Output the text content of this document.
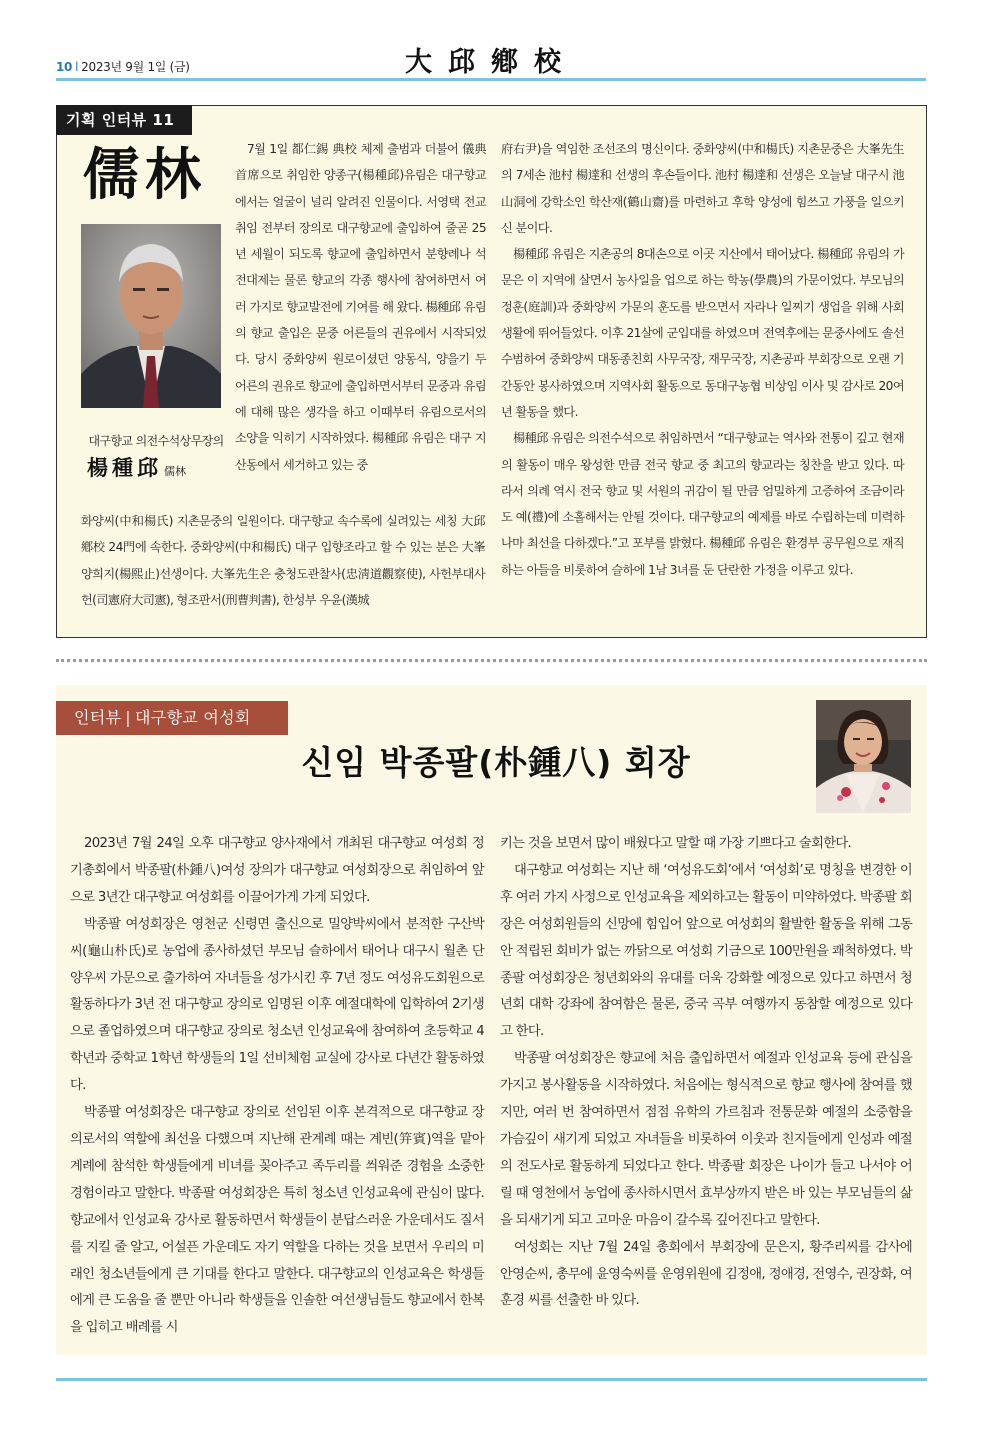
10 l 2023년 9월 1일 (금)	大邱鄕校
기획 인터뷰 11
儒林
대구향교 의전수석상무장의
楊種邱 儒林

7월 1일 都仁錫 典校 체제 출범과 더불어 儀典首席으로 취임한 양종구(楊種邱)유림은 대구향교에서는 얼굴이 널리 알려진 인물이다. 서영택 전교 취임 전부터 장의로 대구향교에 출입하여 줄곧 25년 세월이 되도록 향교에 출입하면서 분향례나 석전대제는 물론 향교의 각종 행사에 참여하면서 여러 가지로 향교발전에 기여를 해 왔다. 楊種邱 유림의 향교 출입은 문중 어른들의 권유에서 시작되었다. 당시 중화양씨 원로이셨던 양동식, 양을기 두 어른의 권유로 향교에 출입하면서부터 문중과 유림에 대해 많은 생각을 하고 이때부터 유림으로서의 소양을 익히기 시작하였다. 楊種邱 유림은 대구 지산동에서 세거하고 있는 중

화양씨(中和楊氏) 지촌문중의 일원이다. 대구향교 속수록에 실려있는 세칭 大邱鄕校 24門에 속한다. 중화양씨(中和楊氏) 대구 입향조라고 할 수 있는 분은 大峯 양희지(楊熙止)선생이다. 大峯先生은 충청도관찰사(忠淸道觀察使), 사헌부대사헌(司憲府大司憲), 형조판서(刑曹判書), 한성부 우윤(漢城

府右尹)을 역임한 조선조의 명신이다. 중화양씨(中和楊氏) 지촌문중은 大峯先生의 7세손 池村 楊達和 선생의 후손들이다. 池村 楊達和 선생은 오늘날 대구시 池山洞에 강학소인 학산재(鶴山齋)를 마련하고 후학 양성에 힘쓰고 가풍을 일으키신 분이다.

楊種邱 유림은 지촌공의 8대손으로 이곳 지산에서 태어났다. 楊種邱 유림의 가문은 이 지역에 살면서 농사일을 업으로 하는 학농(學農)의 가문이었다. 부모님의 정훈(庭訓)과 중화양씨 가문의 훈도를 받으면서 자라나 일찌기 생업을 위해 사회생활에 뛰어들었다. 이후 21살에 군입대를 하였으며 전역후에는 문중사에도 솔선수범하여 중화양씨 대동종친회 사무국장, 재무국장, 지촌공파 부회장으로 오랜 기간동안 봉사하였으며 지역사회 활동으로 동대구농협 비상임 이사 및 감사로 20여년 활동을 했다.

楊種邱 유림은 의전수석으로 취임하면서 “대구향교는 역사와 전통이 깊고 현재의 활동이 매우 왕성한 만큼 전국 향교 중 최고의 향교라는 칭찬을 받고 있다. 따라서 의례 역시 전국 향교 및 서원의 귀감이 될 만큼 엄밀하게 고증하여 조금이라도 예(禮)에 소홀해서는 안될 것이다. 대구향교의 예제를 바로 수립하는데 미력하나마 최선을 다하겠다.”고 포부를 밝혔다. 楊種邱 유림은 환경부 공무원으로 재직하는 아들을 비롯하여 슬하에 1남 3녀를 둔 단란한 가정을 이루고 있다.

인터뷰 | 대구향교 여성회
신임 박종팔(朴鍾八) 회장

2023년 7월 24일 오후 대구향교 양사재에서 개최된 대구향교 여성회 정기총회에서 박종팔(朴鍾八)여성 장의가 대구향교 여성회장으로 취임하여 앞으로 3년간 대구향교 여성회를 이끌어가게 가게 되었다.

박종팔 여성회장은 영천군 신령면 출신으로 밀양박씨에서 분적한 구산박씨(龜山朴氏)로 농업에 종사하셨던 부모님 슬하에서 태어나 대구시 월촌 단양우씨 가문으로 출가하여 자녀들을 성가시킨 후 7년 정도 여성유도회원으로 활동하다가 3년 전 대구향교 장의로 임명된 이후 예절대학에 입학하여 2기생으로 졸업하였으며 대구향교 장의로 청소년 인성교육에 참여하여 초등학교 4학년과 중학교 1학년 학생들의 1일 선비체험 교실에 강사로 다년간 활동하였다.

박종팔 여성회장은 대구향교 장의로 선임된 이후 본격적으로 대구향교 장의로서의 역할에 최선을 다했으며 지난해 관계례 때는 계빈(笄賓)역을 맡아 계례에 참석한 학생들에게 비녀를 꽂아주고 족두리를 씌워준 경험을 소중한 경험이라고 말한다. 박종팔 여성회장은 특히 청소년 인성교육에 관심이 많다. 향교에서 인성교육 강사로 활동하면서 학생들이 분답스러운 가운데서도 질서를 지킬 줄 알고, 어설픈 가운데도 자기 역할을 다하는 것을 보면서 우리의 미래인 청소년들에게 큰 기대를 한다고 말한다. 대구향교의 인성교육은 학생들에게 큰 도움을 줄 뿐만 아니라 학생들을 인솔한 여선생님들도 향교에서 한복을 입히고 배례를 시

키는 것을 보면서 많이 배웠다고 말할 때 가장 기쁘다고 술회한다.

대구향교 여성회는 지난 해 ‘여성유도회’에서 ‘여성회’로 명칭을 변경한 이후 여러 가지 사정으로 인성교육을 제외하고는 활동이 미약하였다. 박종팔 회장은 여성회원들의 신망에 힘입어 앞으로 여성회의 활발한 활동을 위해 그동안 적립된 회비가 없는 까닭으로 여성회 기금으로 100만원을 쾌척하였다. 박종팔 여성회장은 청년회와의 유대를 더욱 강화할 예정으로 있다고 하면서 청년회 대학 강좌에 참여함은 물론, 중국 곡부 여행까지 동참할 예정으로 있다고 한다.

박종팔 여성회장은 향교에 처음 출입하면서 예절과 인성교육 등에 관심을 가지고 봉사활동을 시작하였다. 처음에는 형식적으로 향교 행사에 참여를 했지만, 여러 번 참여하면서 점점 유학의 가르침과 전통문화 예절의 소중함을 가슴깊이 새기게 되었고 자녀들을 비롯하여 이웃과 친지들에게 인성과 예절의 전도사로 활동하게 되었다고 한다. 박종팔 회장은 나이가 들고 나서야 어릴 때 영천에서 농업에 종사하시면서 효부상까지 받은 바 있는 부모님들의 삶을 되새기게 되고 고마운 마음이 갈수록 깊어진다고 말한다.

여성회는 지난 7월 24일 총회에서 부회장에 문은지, 황주리씨를 감사에 안영순씨, 총무에 윤영숙씨를 운영위원에 김정애, 정애경, 전영수, 권장화, 여훈경 씨를 선출한 바 있다.
